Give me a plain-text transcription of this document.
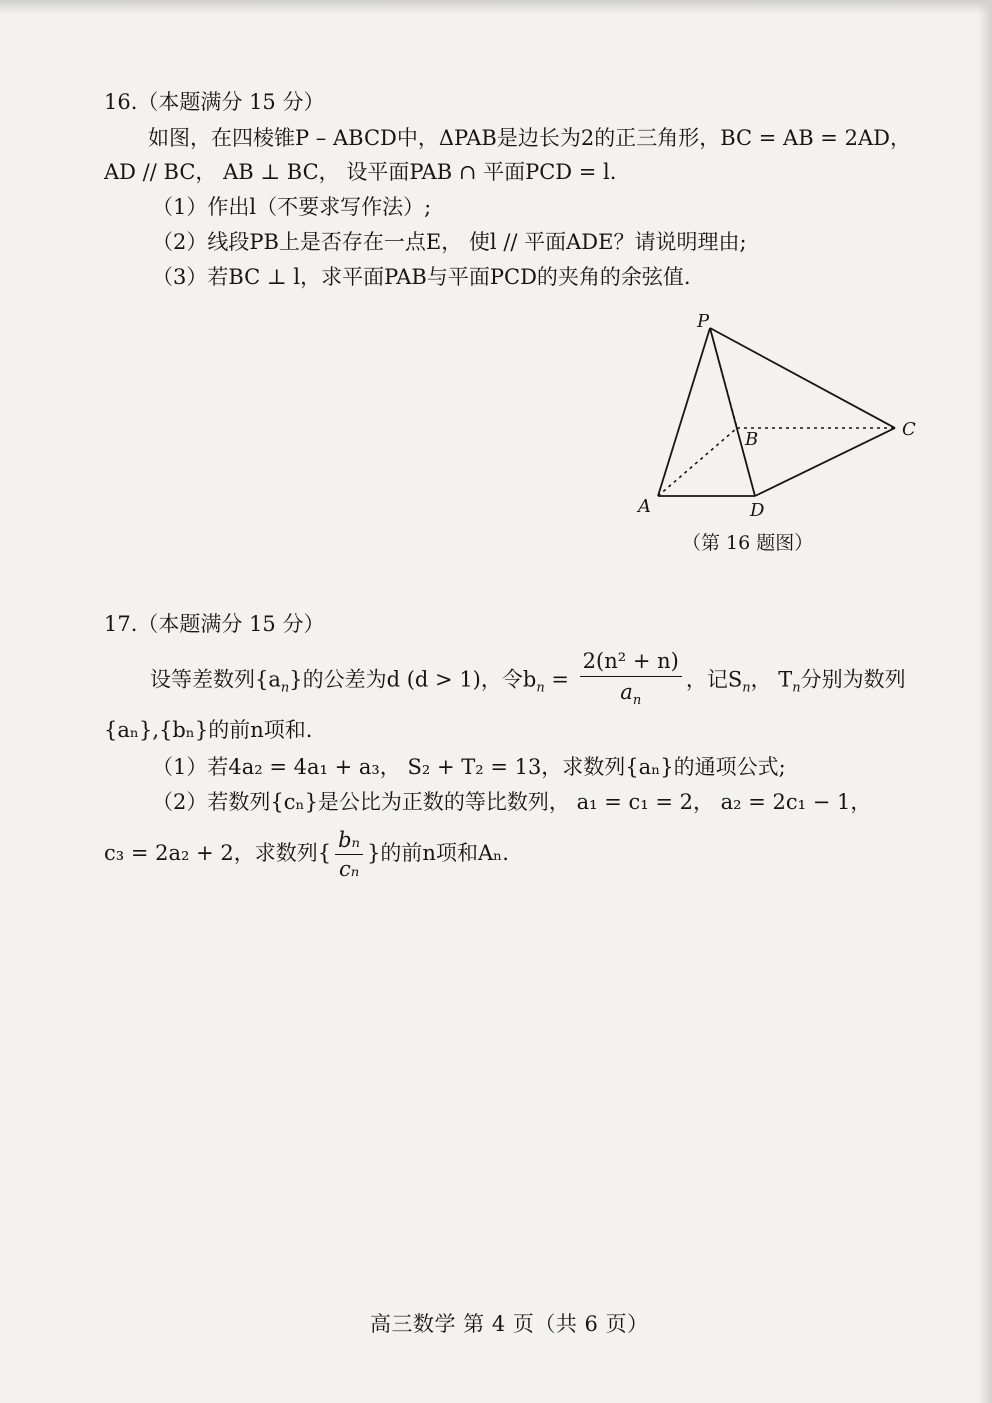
16.（本题满分 15 分）
如图，在四棱锥P – ABCD中，ΔPAB是边长为2的正三角形，BC = AB = 2AD，
AD // BC， AB ⊥ BC， 设平面PAB ∩ 平面PCD = l.
（1）作出l（不要求写作法）;
（2）线段PB上是否存在一点E， 使l // 平面ADE？请说明理由;
（3）若BC ⊥ l，求平面PAB与平面PCD的夹角的余弦值.
P
B	C
A	D
（第 16 题图）
17.（本题满分 15 分）
设等差数列$\{a_n\}$的公差为d (d > 1)，令$b_n = \frac{\text{2(n² + n)}}{a_n}$ ，记$S_n$， $T_n$分别为数列
{aₙ},{bₙ}的前n项和.
（1）若4a₂ = 4a₁ + a₃， S₂ + T₂ = 13，求数列{aₙ}的通项公式;
（2）若数列{cₙ}是公比为正数的等比数列， a₁ = c₁ = 2， a₂ = 2c₁ − 1，
c₃ = 2a₂ + 2，求数列{ $\frac{\text{bₙ}}{\text{cₙ}}$ }的前n项和Aₙ.
高三数学 第 4 页（共 6 页）
